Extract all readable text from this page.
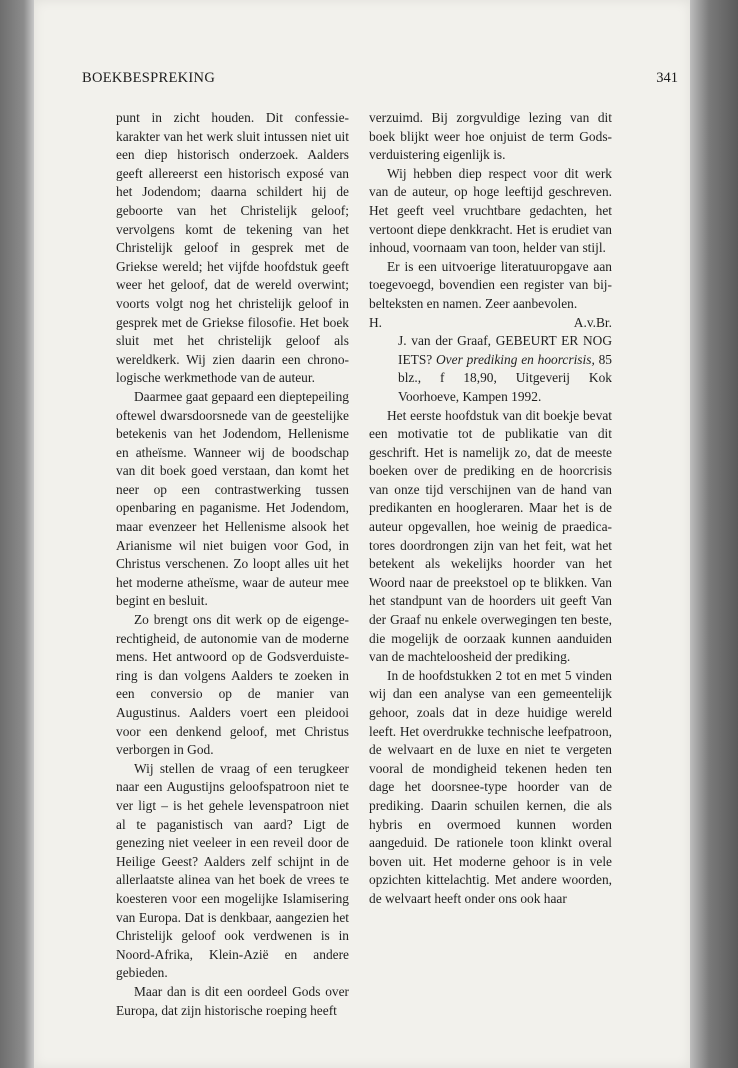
BOEKBESPREKING	341

punt in zicht houden. Dit confessie-karakter van het werk sluit intussen niet uit een diep historisch onderzoek. Aalders geeft allereerst een historisch exposé van het Jodendom; daarna schildert hij de geboorte van het Christelijk geloof; vervolgens komt de tekening van het Christelijk geloof in gesprek met de Griekse wereld; het vijfde hoofdstuk geeft weer het geloof, dat de wereld overwint; voorts volgt nog het christelijk geloof in gesprek met de Griekse filosofie. Het boek sluit met het christelijk geloof als wereldkerk. Wij zien daarin een chronologische werkmethode van de auteur.

Daarmee gaat gepaard een dieptepeiling oftewel dwarsdoorsnede van de geestelijke betekenis van het Jodendom, Hellenisme en atheïsme. Wanneer wij de boodschap van dit boek goed verstaan, dan komt het neer op een contrastwerking tussen openbaring en paganisme. Het Jodendom, maar evenzeer het Hellenisme alsook het Arianisme wil niet buigen voor God, in Christus verschenen. Zo loopt alles uit het het moderne atheïsme, waar de auteur mee begint en besluit.

Zo brengt ons dit werk op de eigengerechtigheid, de autonomie van de moderne mens. Het antwoord op de Godsverduistering is dan volgens Aalders te zoeken in een conversio op de manier van Augustinus. Aalders voert een pleidooi voor een denkend geloof, met Christus verborgen in God.

Wij stellen de vraag of een terugkeer naar een Augustijns geloofspatroon niet te ver ligt – is het gehele levenspatroon niet al te paganistisch van aard? Ligt de genezing niet veeleer in een reveil door de Heilige Geest? Aalders zelf schijnt in de allerlaatste alinea van het boek de vrees te koesteren voor een mogelijke Islamisering van Europa. Dat is denkbaar, aangezien het Christelijk geloof ook verdwenen is in Noord-Afrika, Klein-Azië en andere gebieden.

Maar dan is dit een oordeel Gods over Europa, dat zijn historische roeping heeft

verzuimd. Bij zorgvuldige lezing van dit boek blijkt weer hoe onjuist de term Godsverduistering eigenlijk is.

Wij hebben diep respect voor dit werk van de auteur, op hoge leeftijd geschreven. Het geeft veel vruchtbare gedachten, het vertoont diepe denkkracht. Het is erudiet van inhoud, voornaam van toon, helder van stijl.

Er is een uitvoerige literatuuropgave aan toegevoegd, bovendien een register van bijbelteksten en namen. Zeer aanbevolen.

H.	A.v.Br.

J. van der Graaf, GEBEURT ER NOG IETS? Over prediking en hoorcrisis, 85 blz., f 18,90, Uitgeverij Kok Voorhoeve, Kampen 1992.

Het eerste hoofdstuk van dit boekje bevat een motivatie tot de publikatie van dit geschrift. Het is namelijk zo, dat de meeste boeken over de prediking en de hoorcrisis van onze tijd verschijnen van de hand van predikanten en hoogleraren. Maar het is de auteur opgevallen, hoe weinig de praedicatores doordrongen zijn van het feit, wat het betekent als wekelijks hoorder van het Woord naar de preekstoel op te blikken. Van het standpunt van de hoorders uit geeft Van der Graaf nu enkele overwegingen ten beste, die mogelijk de oorzaak kunnen aanduiden van de machteloosheid der prediking.

In de hoofdstukken 2 tot en met 5 vinden wij dan een analyse van een gemeentelijk gehoor, zoals dat in deze huidige wereld leeft. Het overdrukke technische leefpatroon, de welvaart en de luxe en niet te vergeten vooral de mondigheid tekenen heden ten dage het doorsnee-type hoorder van de prediking. Daarin schuilen kernen, die als hybris en overmoed kunnen worden aangeduid. De rationele toon klinkt overal boven uit. Het moderne gehoor is in vele opzichten kittelachtig. Met andere woorden, de welvaart heeft onder ons ook haar
